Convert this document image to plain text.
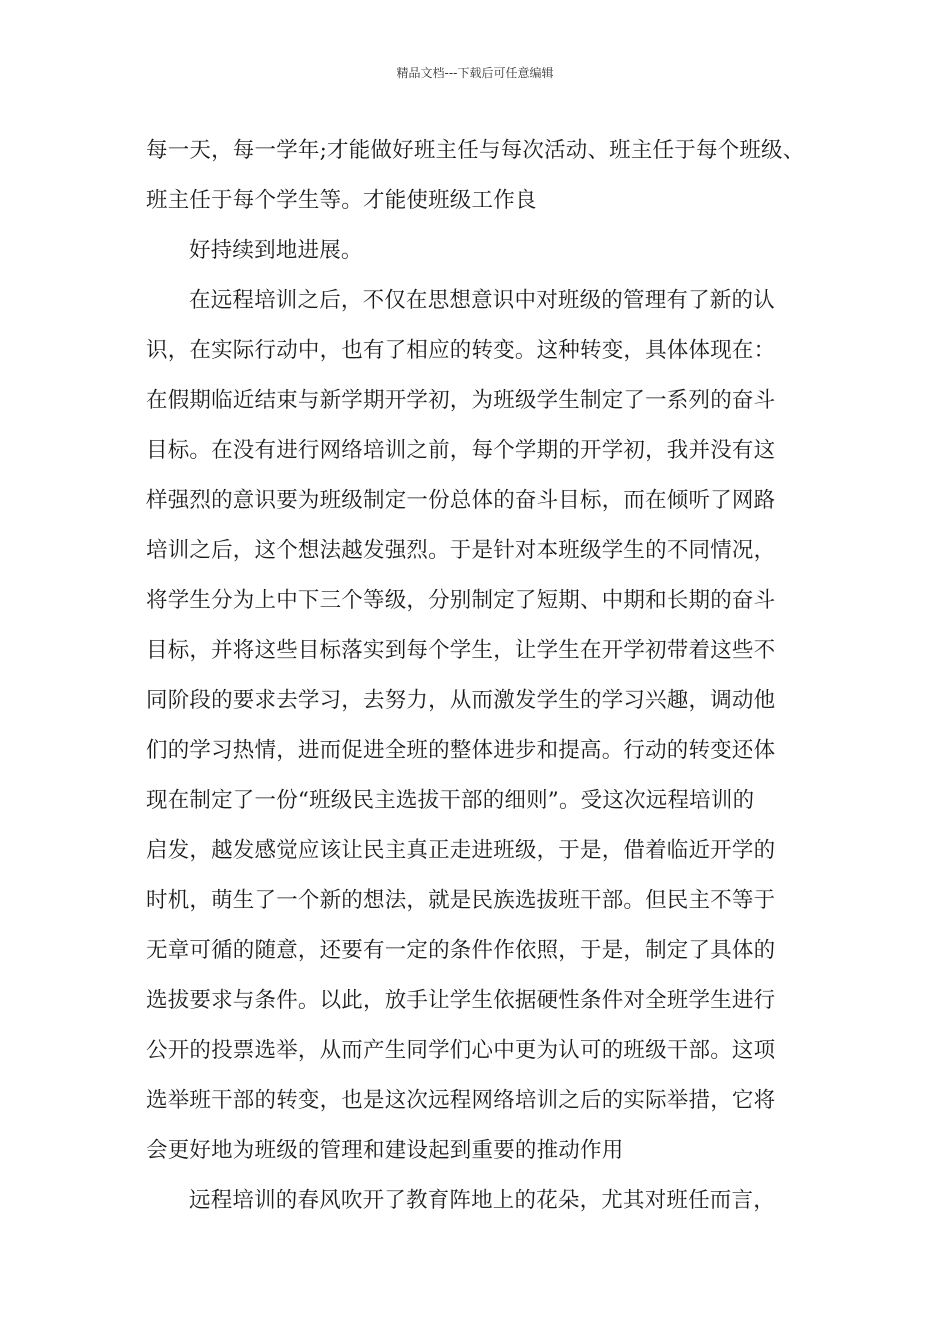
精品文档---下载后可任意编辑
每一天，每一学年;才能做好班主任与每次活动、班主任于每个班级、
班主任于每个学生等。才能使班级工作良
好持续到地进展。
在远程培训之后，不仅在思想意识中对班级的管理有了新的认
识，在实际行动中，也有了相应的转变。这种转变，具体体现在：
在假期临近结束与新学期开学初，为班级学生制定了一系列的奋斗
目标。在没有进行网络培训之前，每个学期的开学初，我并没有这
样强烈的意识要为班级制定一份总体的奋斗目标，而在倾听了网路
培训之后，这个想法越发强烈。于是针对本班级学生的不同情况，
将学生分为上中下三个等级，分别制定了短期、中期和长期的奋斗
目标，并将这些目标落实到每个学生，让学生在开学初带着这些不
同阶段的要求去学习，去努力，从而激发学生的学习兴趣，调动他
们的学习热情，进而促进全班的整体进步和提高。行动的转变还体
现在制定了一份“班级民主选拔干部的细则”。受这次远程培训的
启发，越发感觉应该让民主真正走进班级，于是，借着临近开学的
时机，萌生了一个新的想法，就是民族选拔班干部。但民主不等于
无章可循的随意，还要有一定的条件作依照，于是，制定了具体的
选拔要求与条件。以此，放手让学生依据硬性条件对全班学生进行
公开的投票选举，从而产生同学们心中更为认可的班级干部。这项
选举班干部的转变，也是这次远程网络培训之后的实际举措，它将
会更好地为班级的管理和建设起到重要的推动作用
远程培训的春风吹开了教育阵地上的花朵，尤其对班任而言，
